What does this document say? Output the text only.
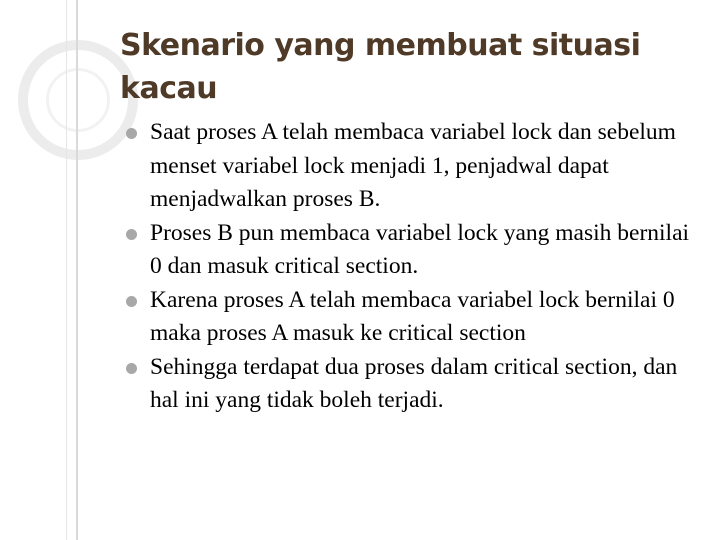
Skenario yang membuat situasi kacau
Saat proses A telah membaca variabel lock dan sebelum menset variabel lock menjadi 1, penjadwal dapat menjadwalkan proses B.
Proses B pun membaca variabel lock yang masih bernilai 0 dan masuk critical section.
Karena proses A telah membaca variabel lock bernilai 0 maka proses A masuk ke critical section
Sehingga terdapat dua proses dalam critical section, dan hal ini yang tidak boleh terjadi.
